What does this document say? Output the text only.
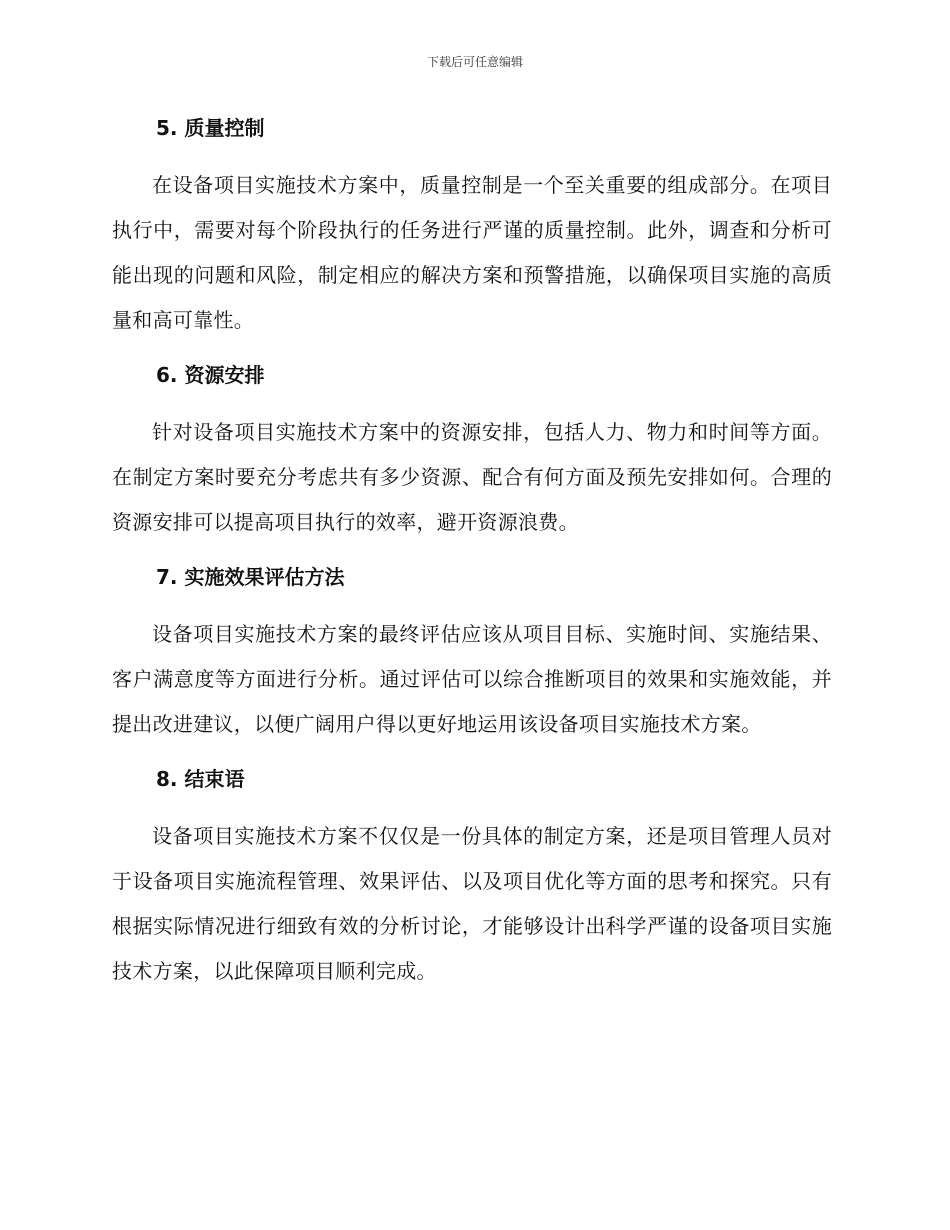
下载后可任意编辑
5. 质量控制

在设备项目实施技术方案中，质量控制是一个至关重要的组成部分。在项目执行中，需要对每个阶段执行的任务进行严谨的质量控制。此外，调查和分析可能出现的问题和风险，制定相应的解决方案和预警措施，以确保项目实施的高质量和高可靠性。

6. 资源安排

针对设备项目实施技术方案中的资源安排，包括人力、物力和时间等方面。在制定方案时要充分考虑共有多少资源、配合有何方面及预先安排如何。合理的资源安排可以提高项目执行的效率，避开资源浪费。

7. 实施效果评估方法

设备项目实施技术方案的最终评估应该从项目目标、实施时间、实施结果、客户满意度等方面进行分析。通过评估可以综合推断项目的效果和实施效能，并提出改进建议，以便广阔用户得以更好地运用该设备项目实施技术方案。

8. 结束语

设备项目实施技术方案不仅仅是一份具体的制定方案，还是项目管理人员对于设备项目实施流程管理、效果评估、以及项目优化等方面的思考和探究。只有根据实际情况进行细致有效的分析讨论，才能够设计出科学严谨的设备项目实施技术方案，以此保障项目顺利完成。
